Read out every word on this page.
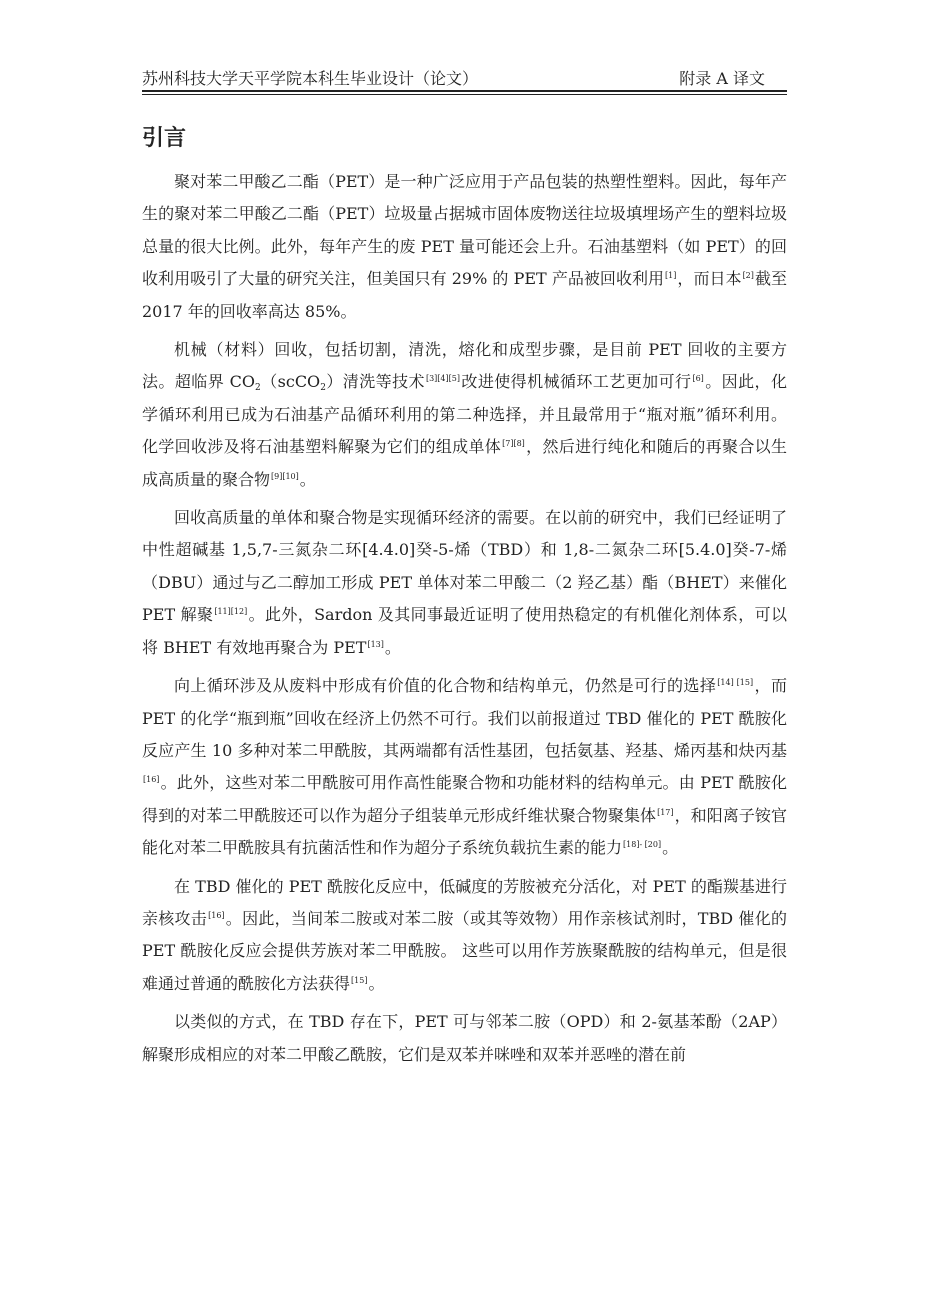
苏州科技大学天平学院本科生毕业设计（论文）	附录 A 译文
引言

聚对苯二甲酸乙二酯（PET）是一种广泛应用于产品包装的热塑性塑料。因此，每年产生的聚对苯二甲酸乙二酯（PET）垃圾量占据城市固体废物送往垃圾填埋场产生的塑料垃圾总量的很大比例。此外，每年产生的废 PET 量可能还会上升。石油基塑料（如 PET）的回收利用吸引了大量的研究关注，但美国只有 29% 的 PET 产品被回收利用[1]，而日本[2]截至 2017 年的回收率高达 85%。

机械（材料）回收，包括切割，清洗，熔化和成型步骤，是目前 PET 回收的主要方法。超临界 $CO_2(scCO_2)$清洗等技术[3][4][5]改进使得机械循环工艺更加可行[6]。因此，化学循环利用已成为石油基产品循环利用的第二种选择，并且最常用于“瓶对瓶”循环利用。 化学回收涉及将石油基塑料解聚为它们的组成单体[7][8]，然后进行纯化和随后的再聚合以生成高质量的聚合物[9][10]。

回收高质量的单体和聚合物是实现循环经济的需要。在以前的研究中，我们已经证明了中性超碱基 1,5,7-三氮杂二环[4.4.0]癸-5-烯（TBD）和 1,8-二氮杂二环[5.4.0]癸-7-烯（DBU）通过与乙二醇加工形成 PET 单体对苯二甲酸二（2 羟乙基）酯（BHET）来催化 PET 解聚[11][12]。此外，Sardon 及其同事最近证明了使用热稳定的有机催化剂体系，可以将 BHET 有效地再聚合为 PET[13]。

向上循环涉及从废料中形成有价值的化合物和结构单元，仍然是可行的选择[14] [15]，而 PET 的化学“瓶到瓶”回收在经济上仍然不可行。我们以前报道过 TBD 催化的 PET 酰胺化反应产生 10 多种对苯二甲酰胺，其两端都有活性基团，包括氨基、羟基、烯丙基和炔丙基[16]。此外，这些对苯二甲酰胺可用作高性能聚合物和功能材料的结构单元。由 PET 酰胺化得到的对苯二甲酰胺还可以作为超分子组装单元形成纤维状聚合物聚集体[17]，和阳离子铵官能化对苯二甲酰胺具有抗菌活性和作为超分子系统负载抗生素的能力[18]- [20]。

在 TBD 催化的 PET 酰胺化反应中，低碱度的芳胺被充分活化，对 PET 的酯羰基进行亲核攻击[16]。因此，当间苯二胺或对苯二胺（或其等效物）用作亲核试剂时，TBD 催化的 PET 酰胺化反应会提供芳族对苯二甲酰胺。 这些可以用作芳族聚酰胺的结构单元，但是很难通过普通的酰胺化方法获得[15]。

以类似的方式，在 TBD 存在下，PET 可与邻苯二胺（OPD）和 2-氨基苯酚（2AP）解聚形成相应的对苯二甲酸乙酰胺，它们是双苯并咪唑和双苯并恶唑的潜在前
